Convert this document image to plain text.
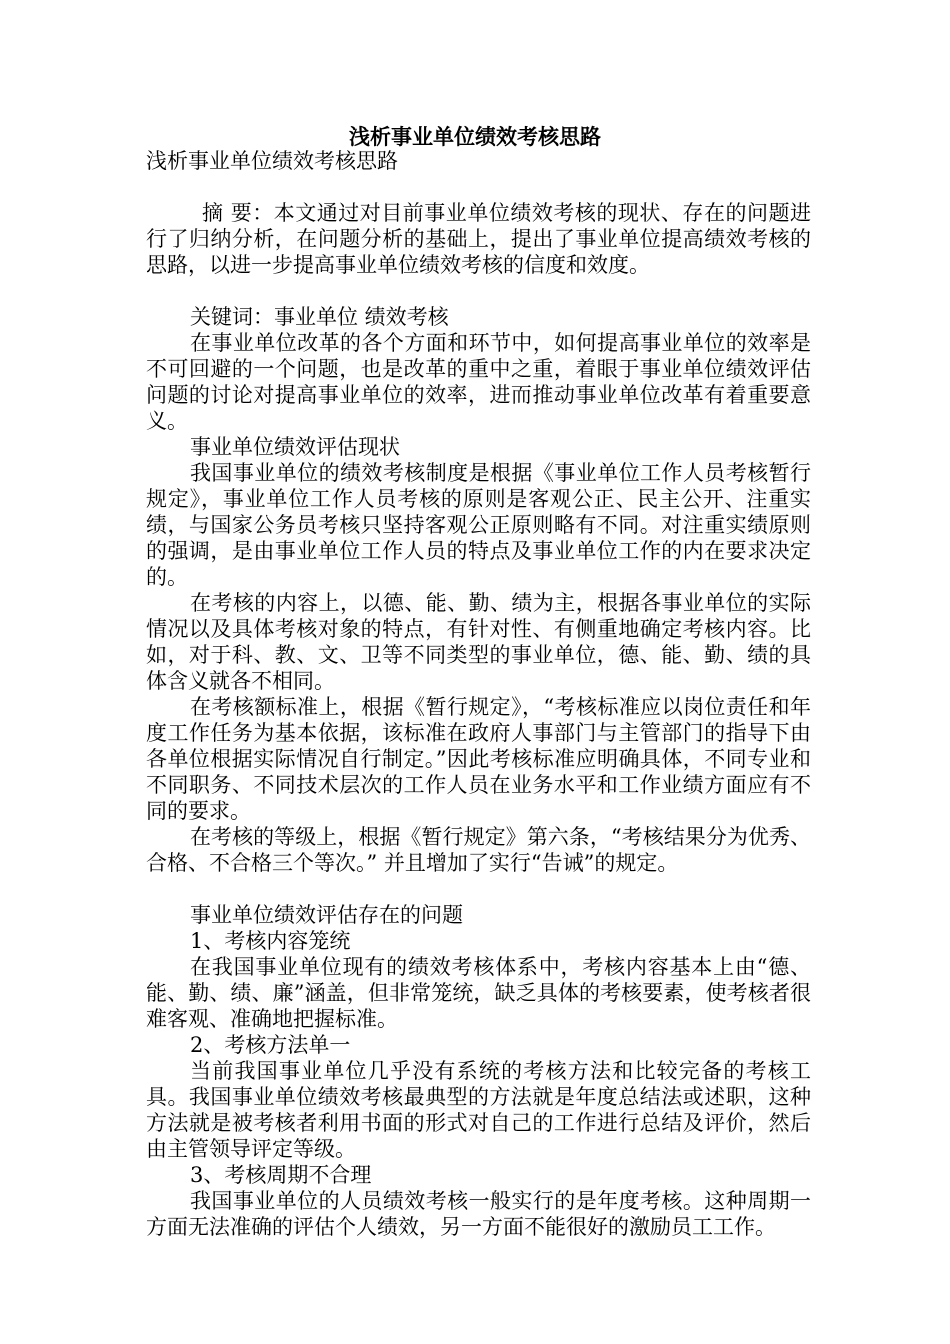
浅析事业单位绩效考核思路

浅析事业单位绩效考核思路

摘 要：本文通过对目前事业单位绩效考核的现状、存在的问题进行了归纳分析，在问题分析的基础上，提出了事业单位提高绩效考核的思路，以进一步提高事业单位绩效考核的信度和效度。

关键词：事业单位 绩效考核

在事业单位改革的各个方面和环节中，如何提高事业单位的效率是不可回避的一个问题，也是改革的重中之重，着眼于事业单位绩效评估问题的讨论对提高事业单位的效率，进而推动事业单位改革有着重要意义。

事业单位绩效评估现状

我国事业单位的绩效考核制度是根据《事业单位工作人员考核暂行规定》，事业单位工作人员考核的原则是客观公正、民主公开、注重实绩，与国家公务员考核只坚持客观公正原则略有不同。对注重实绩原则的强调，是由事业单位工作人员的特点及事业单位工作的内在要求决定的。

在考核的内容上，以德、能、勤、绩为主，根据各事业单位的实际情况以及具体考核对象的特点，有针对性、有侧重地确定考核内容。比如，对于科、教、文、卫等不同类型的事业单位，德、能、勤、绩的具体含义就各不相同。

在考核额标准上，根据《暂行规定》，“考核标准应以岗位责任和年度工作任务为基本依据，该标准在政府人事部门与主管部门的指导下由各单位根据实际情况自行制定。”因此考核标准应明确具体，不同专业和不同职务、不同技术层次的工作人员在业务水平和工作业绩方面应有不同的要求。

在考核的等级上，根据《暂行规定》第六条，“考核结果分为优秀、合格、不合格三个等次。” 并且增加了实行“告诫”的规定。

事业单位绩效评估存在的问题

1、考核内容笼统

在我国事业单位现有的绩效考核体系中，考核内容基本上由“德、能、勤、绩、廉”涵盖，但非常笼统，缺乏具体的考核要素，使考核者很难客观、准确地把握标准。

2、考核方法单一

当前我国事业单位几乎没有系统的考核方法和比较完备的考核工具。我国事业单位绩效考核最典型的方法就是年度总结法或述职，这种方法就是被考核者利用书面的形式对自己的工作进行总结及评价，然后由主管领导评定等级。

3、考核周期不合理

我国事业单位的人员绩效考核一般实行的是年度考核。这种周期一方面无法准确的评估个人绩效，另一方面不能很好的激励员工工作。
